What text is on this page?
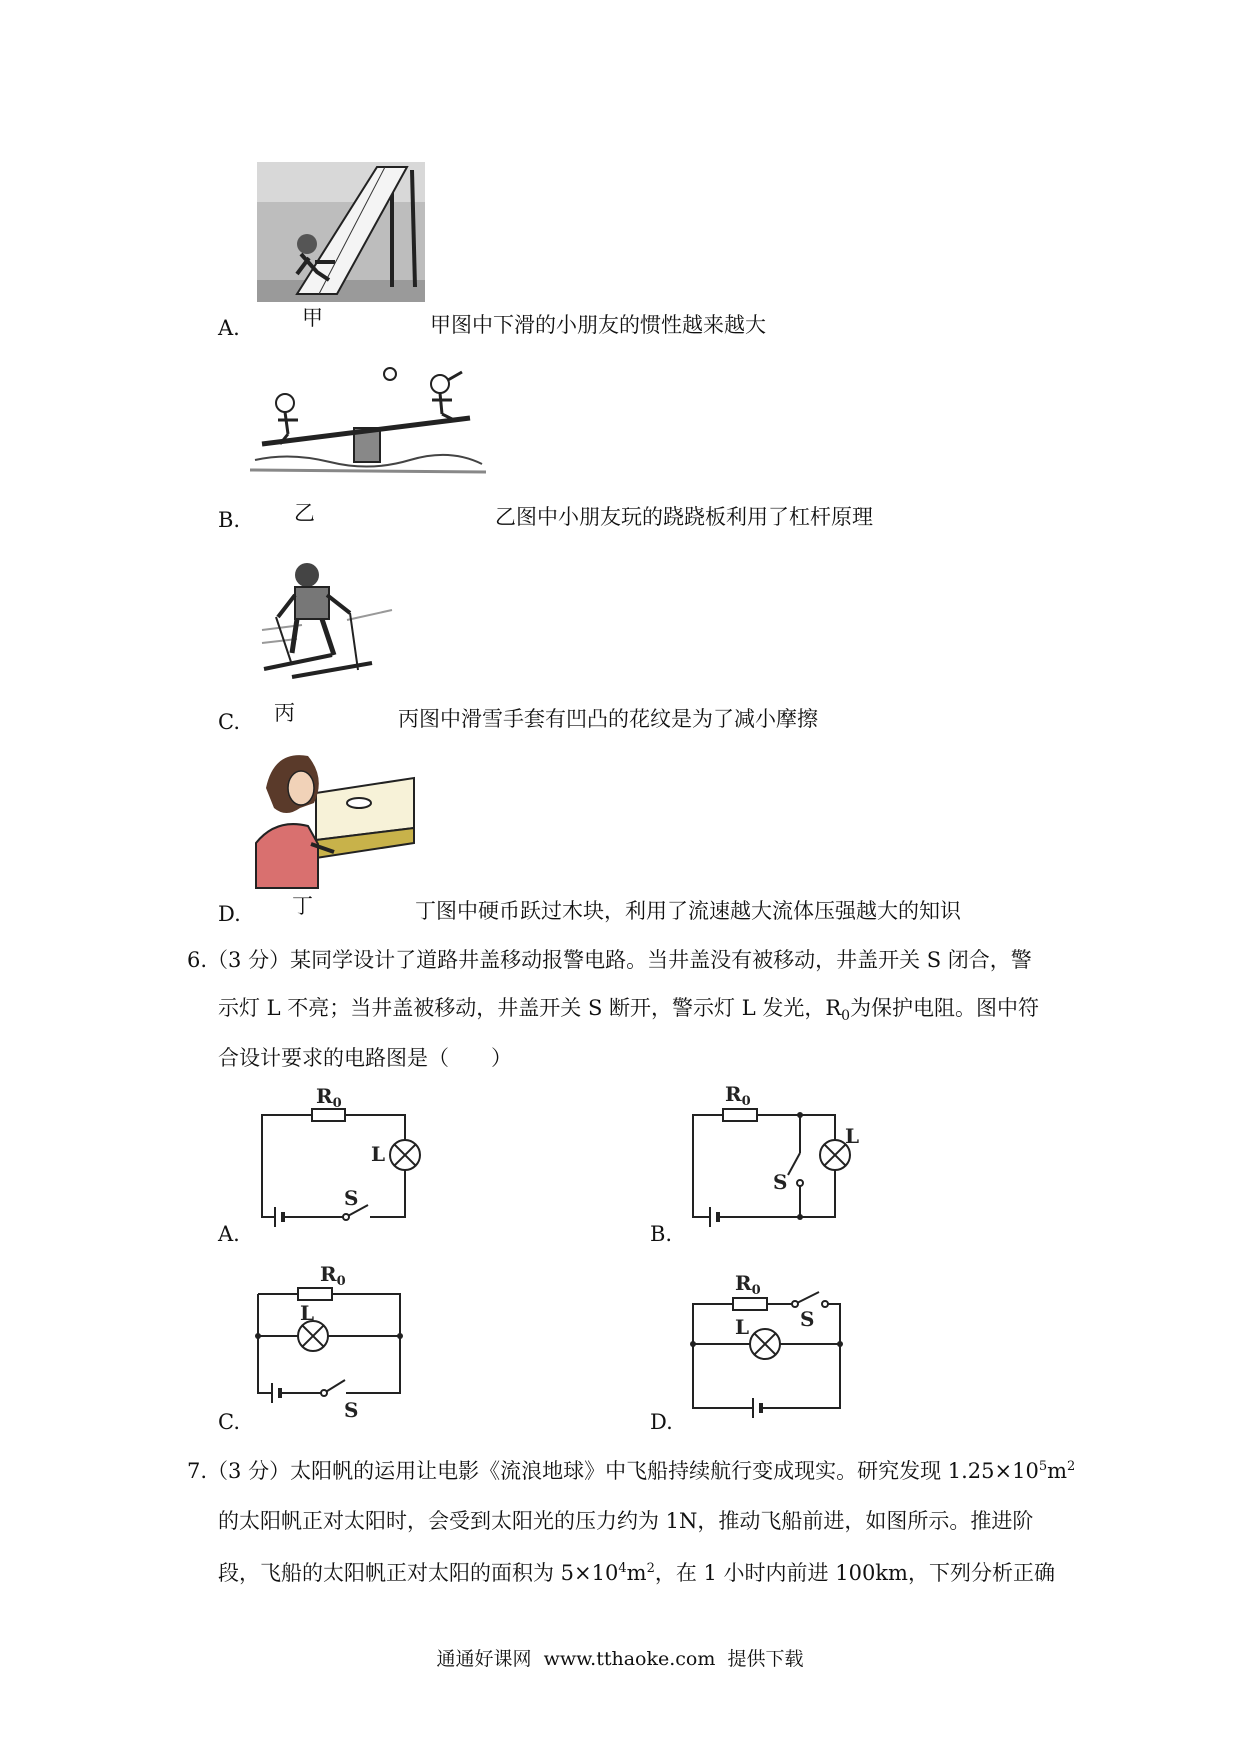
A.	甲	甲图中下滑的小朋友的惯性越来越大
B.	乙	乙图中小朋友玩的跷跷板利用了杠杆原理
C. 丙	丙图中滑雪手套有凹凸的花纹是为了减小摩擦
D. 丁	丁图中硬币跃过木块，利用了流速越大流体压强越大的知识
6.（3 分）某同学设计了道路井盖移动报警电路。当井盖没有被移动，井盖开关 S 闭合，警
示灯 L 不亮；当井盖被移动，井盖开关 S 断开，警示灯 L 发光，$R_0$为保护电阻。图中符
合设计要求的电路图是（　　）
$R_0$
L
S
A.
$R_0$
L
S
B.
$R_0$
L
S
C.
$R_0$
L	S
D.
7.（3 分）太阳帆的运用让电影《流浪地球》中飞船持续航行变成现实。研究发现 $1.25\times 10^5m^2$
的太阳帆正对太阳时，会受到太阳光的压力约为 1N，推动飞船前进，如图所示。推进阶
段，飞船的太阳帆正对太阳的面积为 $5\times 10^4m^2$，在 1 小时内前进 100km，下列分析正确
通通好课网  www.tthaoke.com  提供下载
